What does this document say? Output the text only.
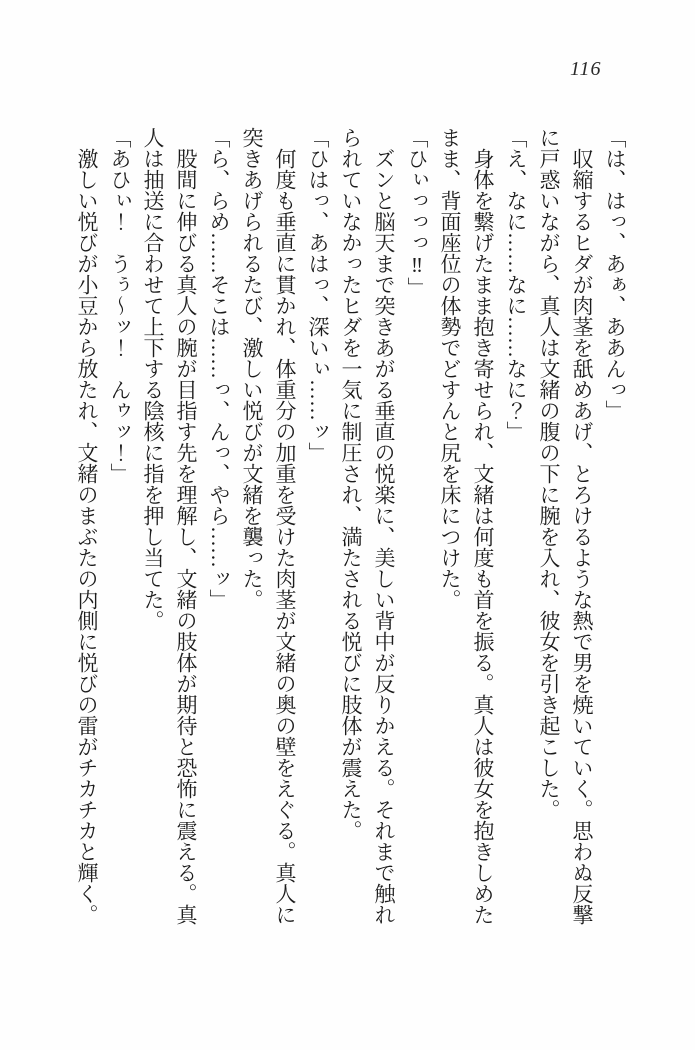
116
「は、はっ、あぁ、ああんっ」
収縮するヒダが肉茎を舐めあげ、とろけるような熱で男を焼いていく。思わぬ反撃
に戸惑いながら、真人は文緒の腹の下に腕を入れ、彼女を引き起こした。
「え、なに……なに……なに？」
身体を繋げたまま抱き寄せられ、文緒は何度も首を振る。真人は彼女を抱きしめた
まま、背面座位の体勢でどすんと尻を床につけた。
「ひぃっっっ‼」
ズンと脳天まで突きあがる垂直の悦楽に、美しい背中が反りかえる。それまで触れ
られていなかったヒダを一気に制圧され、満たされる悦びに肢体が震えた。
「ひはっ、あはっ、深いぃ……ッ」
何度も垂直に貫かれ、体重分の加重を受けた肉茎が文緒の奥の壁をえぐる。真人に
突きあげられるたび、激しい悦びが文緒を襲った。
「ら、らめ……そこは……っ、んっ、やら……ッ」
股間に伸びる真人の腕が目指す先を理解し、文緒の肢体が期待と恐怖に震える。真
人は抽送に合わせて上下する陰核に指を押し当てた。
「あひぃ！　うぅ〜ッ！　んゥッ！」
激しい悦びが小豆から放たれ、文緒のまぶたの内側に悦びの雷がチカチカと輝く。
